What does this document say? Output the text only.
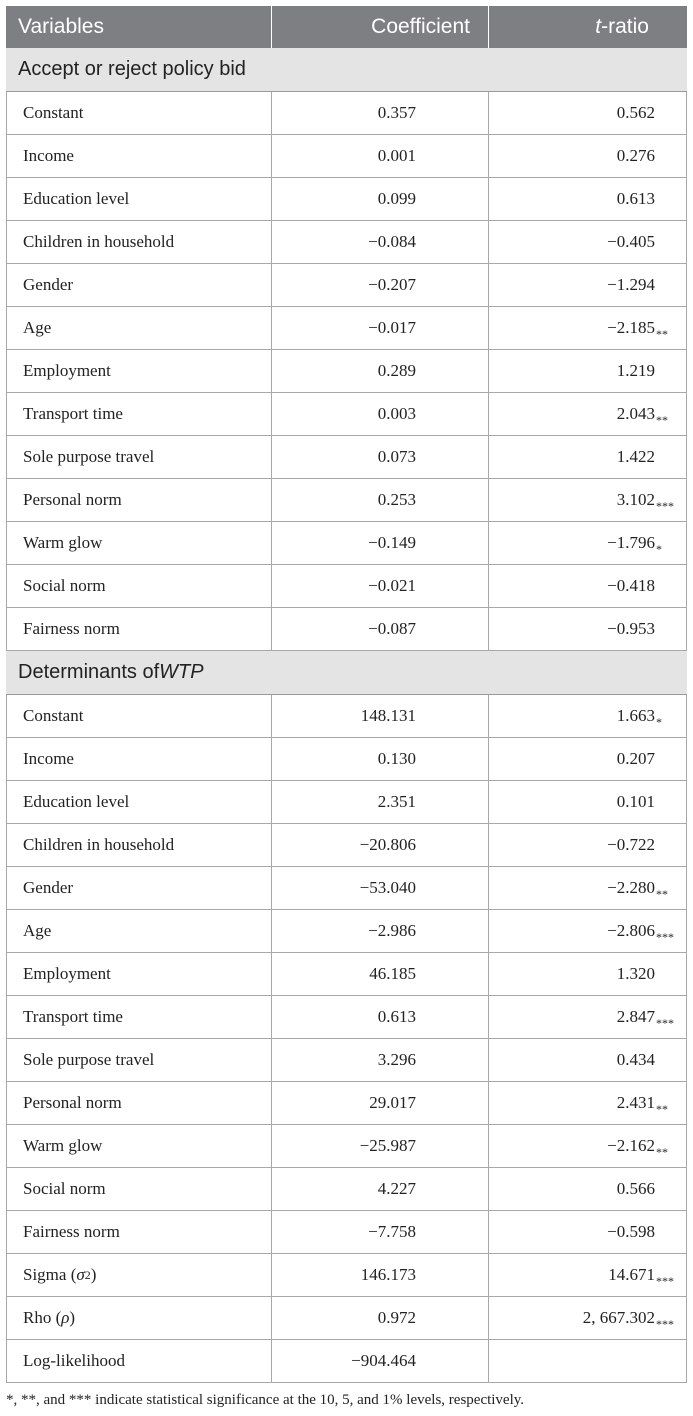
Variables	Coefficient	t -ratio
Accept or reject policy bid
Constant	0.357	0.562
Income	0.001	0.276
Education level	0.099	0.613
Children in household	−0.084	−0.405
Gender	−0.207	−1.294
Age	−0.017	−2.185 **
Employment	0.289	1.219
Transport time	0.003	2.043 **
Sole purpose travel	0.073	1.422
Personal norm	0.253	3.102 ***
Warm glow	−0.149	−1.796 *
Social norm	−0.021	−0.418
Fairness norm	−0.087	−0.953
Determinants of WTP
Constant	148.131	1.663 *
Income	0.130	0.207
Education level	2.351	0.101
Children in household	−20.806	−0.722
Gender	−53.040	−2.280 **
Age	−2.986	−2.806 ***
Employment	46.185	1.320
Transport time	0.613	2.847 ***
Sole purpose travel	3.296	0.434
Personal norm	29.017	2.431 **
Warm glow	−25.987	−2.162 **
Social norm	4.227	0.566
Fairness norm	−7.758	−0.598
Sigma ( σ 2 )	146.173	14.671 ***
Rho ( ρ )	0.972	2, 667.302 ***
Log-likelihood	−904.464
*, **, and *** indicate statistical significance at the 10, 5, and 1% levels, respectively.
